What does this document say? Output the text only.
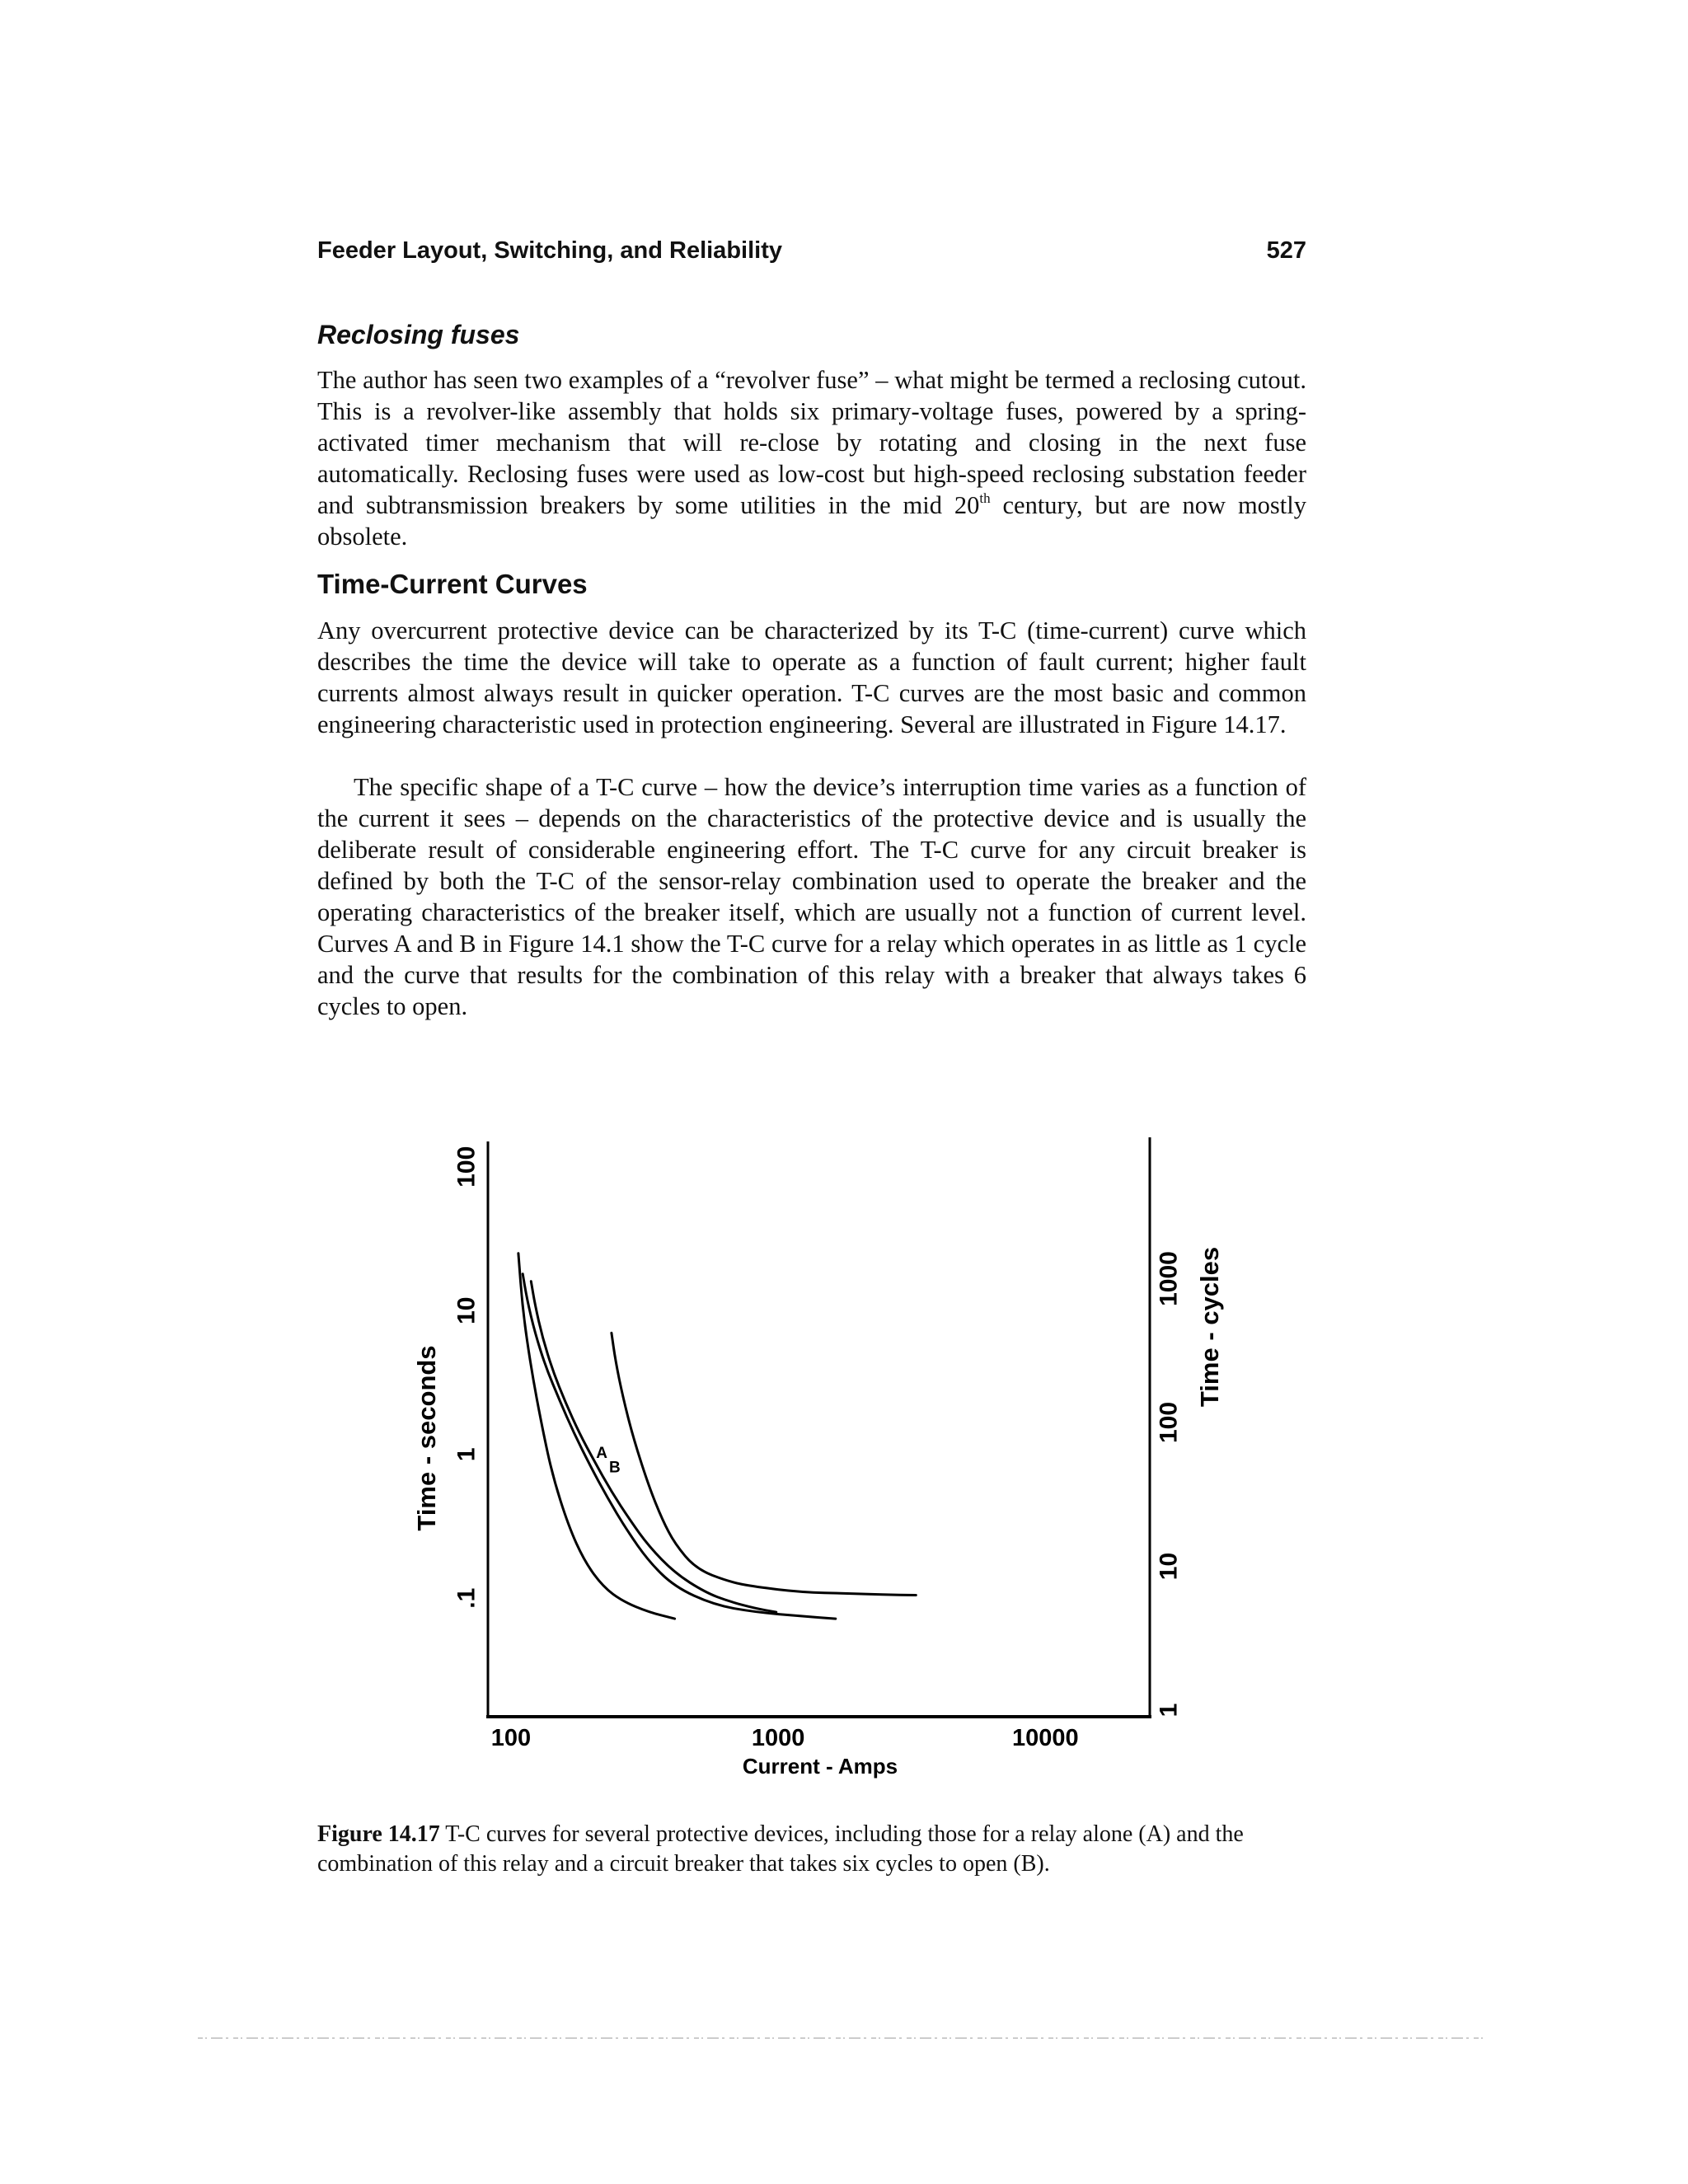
Feeder Layout, Switching, and Reliability	527
Reclosing fuses

The author has seen two examples of a “revolver fuse” – what might be termed a reclosing cutout. This is a revolver-like assembly that holds six primary-voltage fuses, powered by a spring-activated timer mechanism that will re-close by rotating and closing in the next fuse automatically. Reclosing fuses were used as low-cost but high-speed reclosing substation feeder and subtransmission breakers by some utilities in the mid 20th century, but are now mostly obsolete.

Time-Current Curves

Any overcurrent protective device can be characterized by its T-C (time-current) curve which describes the time the device will take to operate as a function of fault current; higher fault currents almost always result in quicker operation. T-C curves are the most basic and common engineering characteristic used in protection engineering. Several are illustrated in Figure 14.17.

The specific shape of a T-C curve – how the device’s interruption time varies as a function of the current it sees – depends on the characteristics of the protective device and is usually the deliberate result of considerable engineering effort. The T-C curve for any circuit breaker is defined by both the T-C of the sensor-relay combination used to operate the breaker and the operating characteristics of the breaker itself, which are usually not a function of current level. Curves A and B in Figure 14.1 show the T-C curve for a relay which operates in as little as 1 cycle and the curve that results for the combination of this relay with a breaker that always takes 6 cycles to open.

Time - seconds
Time - cycles
Current - Amps
.1
1
10
100
1
10
100
1000
100	1000	10000
A
B

Figure 14.17 T-C curves for several protective devices, including those for a relay alone (A) and the combination of this relay and a circuit breaker that takes six cycles to open (B).
